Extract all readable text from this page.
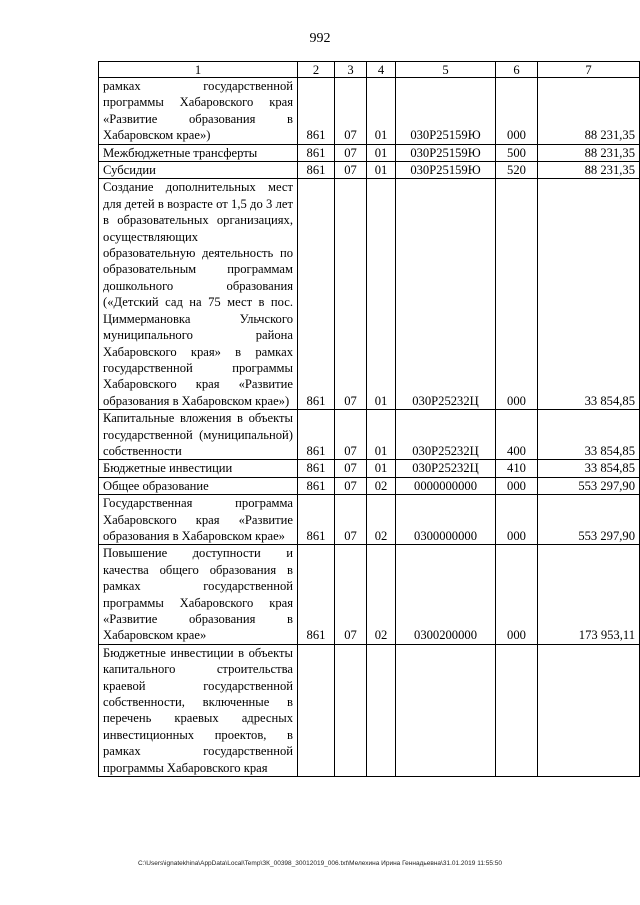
992
1	2	3	4	5	6	7
рамках государственной программы Хабаровского края «Развитие образования в Хабаровском крае»)	861	07	01	030Р25159Ю	000	88 231,35
Межбюджетные трансферты	861	07	01	030Р25159Ю	500	88 231,35
Субсидии	861	07	01	030Р25159Ю	520	88 231,35
Создание дополнительных мест для детей в возрасте от 1,5 до 3 лет в образовательных организациях, осуществляющих образовательную деятельность по образовательным программам дошкольного образования («Детский сад на 75 мест в пос. Циммермановка Ульчского муниципального района Хабаровского края» в рамках государственной программы Хабаровского края «Развитие образования в Хабаровском крае»)	861	07	01	030Р25232Ц	000	33 854,85
Капитальные вложения в объекты государственной (муниципальной) собственности	861	07	01	030Р25232Ц	400	33 854,85
Бюджетные инвестиции	861	07	01	030Р25232Ц	410	33 854,85
Общее образование	861	07	02	0000000000	000	553 297,90
Государственная программа Хабаровского края «Развитие образования в Хабаровском крае»	861	07	02	0300000000	000	553 297,90
Повышение доступности и качества общего образования в рамках государственной программы Хабаровского края «Развитие образования в Хабаровском крае»	861	07	02	0300200000	000	173 953,11
Бюджетные инвестиции в объекты капитального строительства краевой государственной собственности, включенные в перечень краевых адресных инвестиционных проектов, в рамках государственной программы Хабаровского края						
C:\Users\ignatekhina\AppData\Local\Temp\ЗК_00398_30012019_006.txt\Мелехина Ирина Геннадьевна\31.01.2019 11:55:50
